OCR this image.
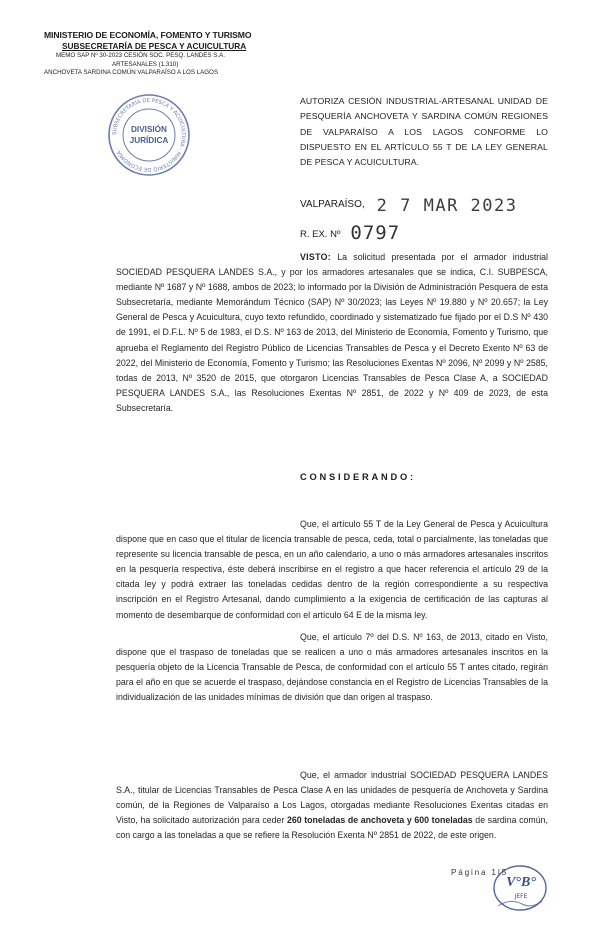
MINISTERIO DE ECONOMÍA, FOMENTO Y TURISMO
SUBSECRETARÍA DE PESCA Y ACUICULTURA
MEMO SAP Nº 30-2023 CESIÓN SOC. PESQ. LANDES S.A.
ARTESANALES (1,310)
ANCHOVETA SARDINA COMÚN VALPARAÍSO A LOS LAGOS
SUBSECRETARÍA DE PESCA Y ACUICULTURA · MINISTERIO DE ECONOMÍA ·
DIVISIÓN
JURÍDICA
AUTORIZA CESIÓN INDUSTRIAL-ARTESANAL UNIDAD DE PESQUERÍA ANCHOVETA Y SARDINA COMÚN REGIONES DE VALPARAÍSO A LOS LAGOS CONFORME LO DISPUESTO EN EL ARTÍCULO 55 T DE LA LEY GENERAL DE PESCA Y ACUICULTURA.
VALPARAÍSO, 2 7 MAR 2023
R. EX. Nº 0797
VISTO: La solicitud presentada por el armador industrial SOCIEDAD PESQUERA LANDES S.A., y por los armadores artesanales que se indica, C.I. SUBPESCA, mediante Nº 1687 y Nº 1688, ambos de 2023; lo informado por la División de Administración Pesquera de esta Subsecretaría, mediante Memorándum Técnico (SAP) Nº 30/2023; las Leyes Nº 19.880 y Nº 20.657; la Ley General de Pesca y Acuicultura, cuyo texto refundido, coordinado y sistematizado fue fijado por el D.S Nº 430 de 1991, el D.F.L. Nº 5 de 1983, el D.S. Nº 163 de 2013, del Ministerio de Economía, Fomento y Turismo, que aprueba el Reglamento del Registro Público de Licencias Transables de Pesca y el Decreto Exento Nº 63 de 2022, del Ministerio de Economía, Fomento y Turismo; las Resoluciones Exentas Nº 2096, Nº 2099 y Nº 2585, todas de 2013, Nº 3520 de 2015, que otorgaron Licencias Transables de Pesca Clase A, a SOCIEDAD PESQUERA LANDES S.A., las Resoluciones Exentas Nº 2851, de 2022 y Nº 409 de 2023, de esta Subsecretaría.
CONSIDERANDO:
Que, el artículo 55 T de la Ley General de Pesca y Acuicultura dispone que en caso que el titular de licencia transable de pesca, ceda, total o parcialmente, las toneladas que represente su licencia transable de pesca, en un año calendario, a uno o más armadores artesanales inscritos en la pesquería respectiva, éste deberá inscribirse en el registro a que hacer referencia el artículo 29 de la citada ley y podrá extraer las toneladas cedidas dentro de la región correspondiente a su respectiva inscripción en el Registro Artesanal, dando cumplimiento a la exigencia de certificación de las capturas al momento de desembarque de conformidad con el artículo 64 E de la misma ley.
Que, el artículo 7º del D.S. Nº 163, de 2013, citado en Visto, dispone que el traspaso de toneladas que se realicen a uno o más armadores artesanales inscritos en la pesquería objeto de la Licencia Transable de Pesca, de conformidad con el artículo 55 T antes citado, regirán para el año en que se acuerde el traspaso, dejándose constancia en el Registro de Licencias Transables de la individualización de las unidades mínimas de división que dan origen al traspaso.
Que, el armador industrial SOCIEDAD PESQUERA LANDES S.A., titular de Licencias Transables de Pesca Clase A en las unidades de pesquería de Anchoveta y Sardina común, de la Regiones de Valparaíso a Los Lagos, otorgadas mediante Resoluciones Exentas citadas en Visto, ha solicitado autorización para ceder 260 toneladas de anchoveta y 600 toneladas de sardina común, con cargo a las toneladas a que se refiere la Resolución Exenta Nº 2851 de 2022, de este origen.
Página 1|5
V°B°
JEFE
